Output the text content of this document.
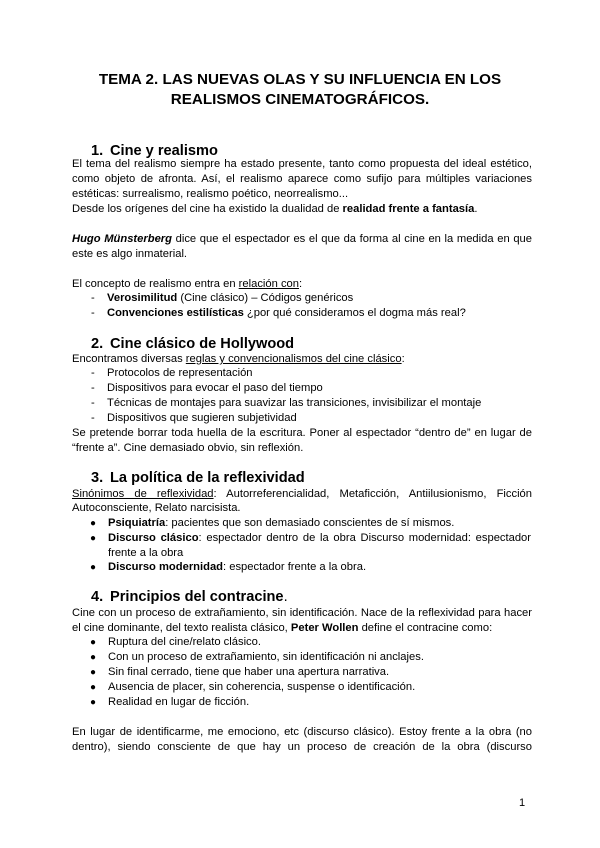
TEMA 2. LAS NUEVAS OLAS Y SU INFLUENCIA EN LOS
REALISMOS CINEMATOGRÁFICOS.
1. Cine y realismo
El tema del realismo siempre ha estado presente, tanto como propuesta del ideal estético,
como objeto de afronta. Así, el realismo aparece como sufijo para múltiples variaciones
estéticas: surrealismo, realismo poético, neorrealismo...
Desde los orígenes del cine ha existido la dualidad de realidad frente a fantasía.
Hugo Münsterberg dice que el espectador es el que da forma al cine en la medida en que
este es algo inmaterial.
El concepto de realismo entra en relación con:
- Verosimilitud (Cine clásico) – Códigos genéricos
- Convenciones estilísticas ¿por qué consideramos el dogma más real?
2. Cine clásico de Hollywood
Encontramos diversas reglas y convencionalismos del cine clásico:
- Protocolos de representación
- Dispositivos para evocar el paso del tiempo
- Técnicas de montajes para suavizar las transiciones, invisibilizar el montaje
- Dispositivos que sugieren subjetividad
Se pretende borrar toda huella de la escritura. Poner al espectador “dentro de” en lugar de
“frente a”. Cine demasiado obvio, sin reflexión.
3. La política de la reflexividad
Sinónimos de reflexividad: Autorreferencialidad, Metaficción, Antiilusionismo, Ficción
Autoconsciente, Relato narcisista.
● Psiquiatría: pacientes que son demasiado conscientes de sí mismos.
● Discurso clásico: espectador dentro de la obra Discurso modernidad: espectador
frente a la obra
● Discurso modernidad: espectador frente a la obra.
4. Principios del contracine.
Cine con un proceso de extrañamiento, sin identificación. Nace de la reflexividad para hacer
el cine dominante, del texto realista clásico, Peter Wollen define el contracine como:
● Ruptura del cine/relato clásico.
● Con un proceso de extrañamiento, sin identificación ni anclajes.
● Sin final cerrado, tiene que haber una apertura narrativa.
● Ausencia de placer, sin coherencia, suspense o identificación.
● Realidad en lugar de ficción.
En lugar de identificarme, me emociono, etc (discurso clásico). Estoy frente a la obra (no
dentro), siendo consciente de que hay un proceso de creación de la obra (discurso
1
